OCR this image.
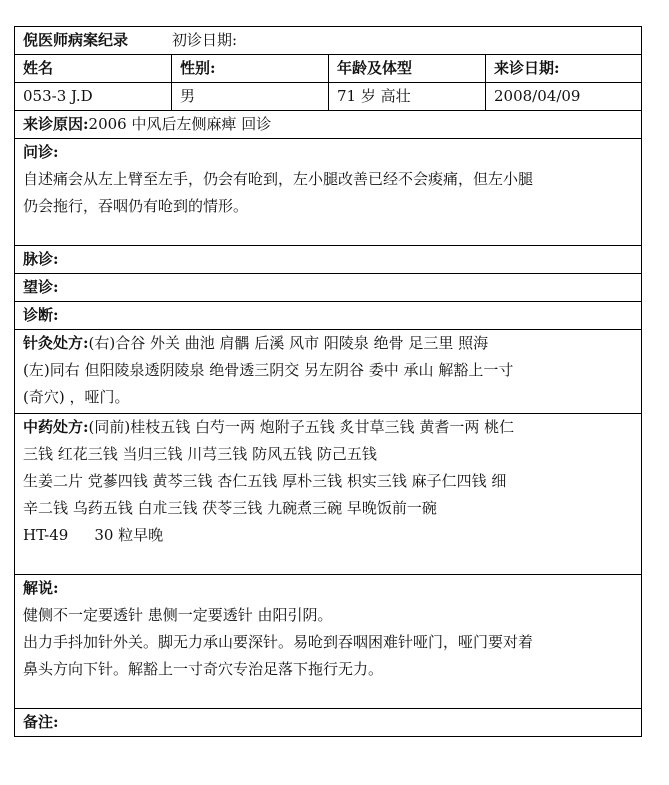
倪医师病案纪录 初诊日期:			
姓名	性别:	年龄及体型	来诊日期:
053-3 J.D	男	71 岁 高壮	2008/04/09
来诊原因:2006 中风后左侧麻痺 回诊			

问诊:
自述痛会从左上臂至左手，仍会有呛到，左小腿改善已经不会痠痛，但左小腿
仍会拖行，吞咽仍有呛到的情形。			

脉诊:			
望诊:			
诊断:			

针灸处方:(右)合谷 外关 曲池 肩髃 后溪 风市 阳陵泉 绝骨 足三里 照海
(左)同右 但阳陵泉透阴陵泉 绝骨透三阴交 另左阴谷 委中 承山 解豁上一寸
(奇穴) ，哑门。			

中药处方:(同前)桂枝五钱 白芍一两 炮附子五钱 炙甘草三钱 黄耆一两 桃仁
三钱 红花三钱 当归三钱 川芎三钱 防风五钱 防己五钱
生姜二片 党蔘四钱 黄芩三钱 杏仁五钱 厚朴三钱 枳实三钱 麻子仁四钱 细
辛二钱 乌药五钱 白朮三钱 茯苓三钱 九碗煮三碗 早晚饭前一碗
HT-49 30 粒早晚			

解说:
健侧不一定要透针 患侧一定要透针 由阳引阴。
出力手抖加针外关。脚无力承山要深针。易呛到吞咽困难针哑门，哑门要对着
鼻头方向下针。解豁上一寸奇穴专治足落下拖行无力。			

备注:			
